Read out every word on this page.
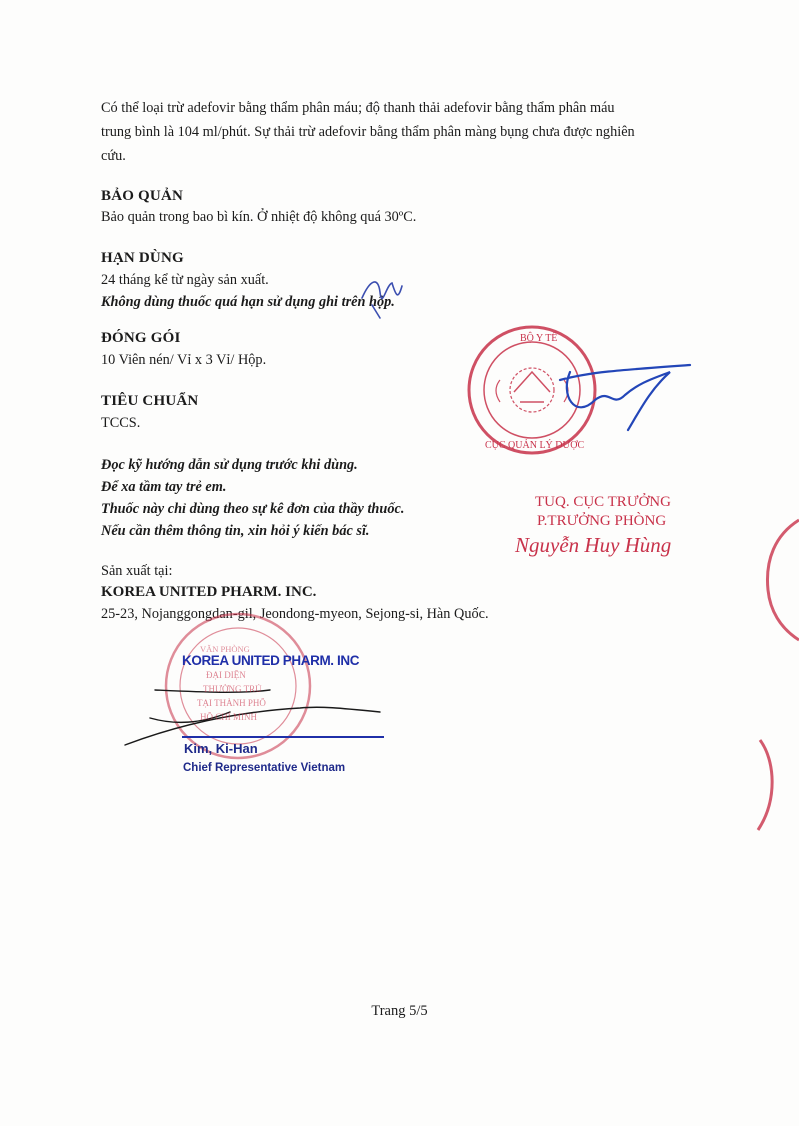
Có thể loại trừ adefovir bằng thẩm phân máu; độ thanh thải adefovir bằng thẩm phân máu
trung bình là 104 ml/phút. Sự thải trừ adefovir bằng thẩm phân màng bụng chưa được nghiên
cứu.
BẢO QUẢN
Bảo quản trong bao bì kín. Ở nhiệt độ không quá 30ºC.
HẠN DÙNG
24 tháng kể từ ngày sản xuất.
Không dùng thuốc quá hạn sử dụng ghi trên hộp.
ĐÓNG GÓI
10 Viên nén/ Vỉ x 3 Vỉ/ Hộp.
TIÊU CHUẨN
TCCS.
Đọc kỹ hướng dẫn sử dụng trước khi dùng.
Để xa tầm tay trẻ em.
Thuốc này chỉ dùng theo sự kê đơn của thầy thuốc.
Nếu cần thêm thông tin, xin hỏi ý kiến bác sĩ.
Sản xuất tại:
KOREA UNITED PHARM. INC.
25-23, Nojanggongdan-gil, Jeondong-myeon, Sejong-si, Hàn Quốc.
BỘ Y TẾ
CỤC QUẢN LÝ DƯỢC
TUQ. CỤC TRƯỞNG
P.TRƯỞNG PHÒNG
Nguyễn Huy Hùng
VĂN PHÒNG
ĐẠI DIỆN
THƯỜNG TRÚ
TẠI THÀNH PHỐ
HỒ CHÍ MINH
KOREA UNITED PHARM. INC
Kim, Ki-Han
Chief Representative Vietnam
Trang 5/5
